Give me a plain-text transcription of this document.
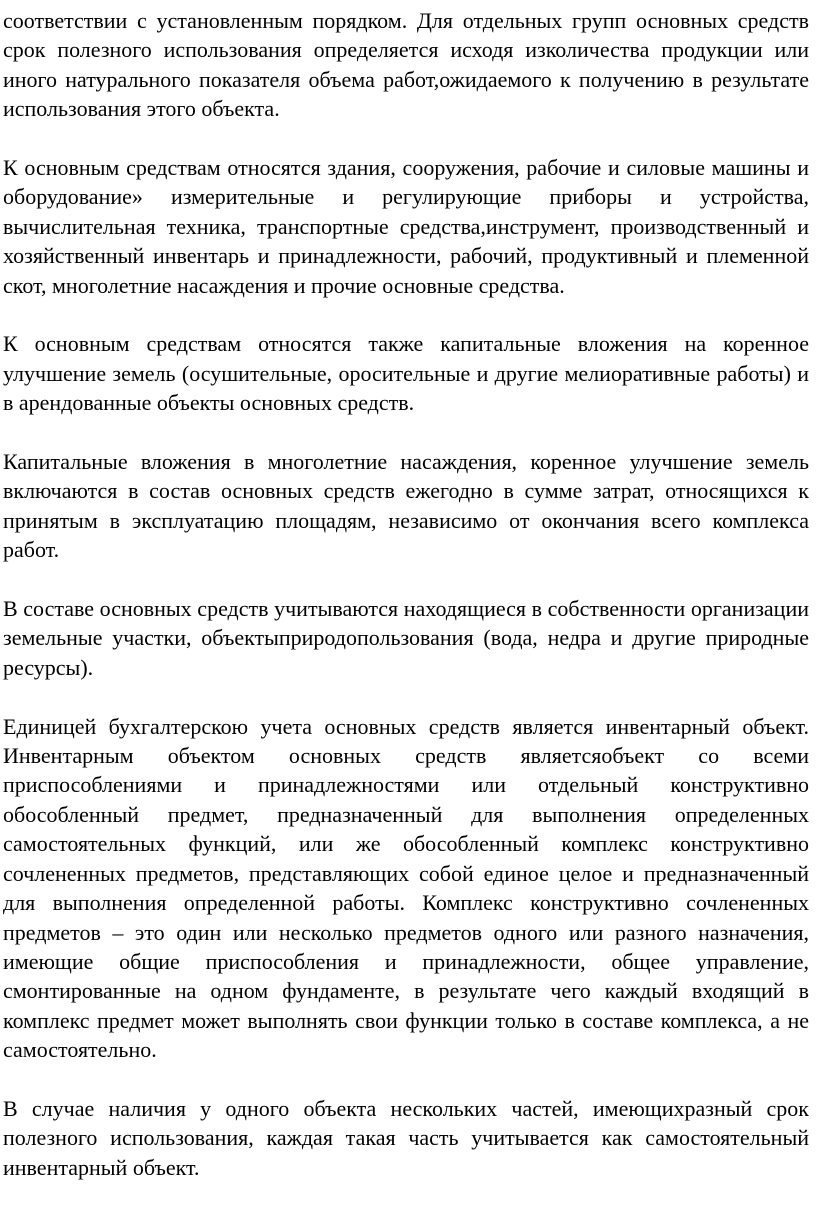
соответствии с установленным порядком. Для отдельных групп основных средств срок полезного использования определяется исходя изколичества продукции или иного натурального показателя объема работ,ожидаемого к получению в результате использования этого объекта.

К основным средствам относятся здания, сооружения, рабочие и силовые машины и оборудование» измерительные и регулирующие приборы и устройства, вычислительная техника, транспортные средства,инструмент, производственный и хозяйственный инвентарь и принадлежности, рабочий, продуктивный и племенной скот, многолетние насаждения и прочие основные средства.

К основным средствам относятся также капитальные вложения на коренное улучшение земель (осушительные, оросительные и другие мелиоративные работы) и в арендованные объекты основных средств.

Капитальные вложения в многолетние насаждения, коренное улучшение земель включаются в состав основных средств ежегодно в сумме затрат, относящихся к принятым в эксплуатацию площадям, независимо от окончания всего комплекса работ.

В составе основных средств учитываются находящиеся в собственности организации земельные участки, объектыприродопользования (вода, недра и другие природные ресурсы).

Единицей бухгалтерскою учета основных средств является инвентарный объект. Инвентарным объектом основных средств являетсяобъект со всеми приспособлениями и принадлежностями или отдельный конструктивно обособленный предмет, предназначенный для выполнения определенных самостоятельных функций, или же обособленный комплекс конструктивно сочлененных предметов, представляющих собой единое целое и предназначенный для выполнения определенной работы. Комплекс конструктивно сочлененных предметов – это один или несколько предметов одного или разного назначения, имеющие общие приспособления и принадлежности, общее управление, смонтированные на одном фундаменте, в результате чего каждый входящий в комплекс предмет может выполнять свои функции только в составе комплекса, а не самостоятельно.

В случае наличия у одного объекта нескольких частей, имеющихразный срок полезного использования, каждая такая часть учитывается как самостоятельный инвентарный объект.
